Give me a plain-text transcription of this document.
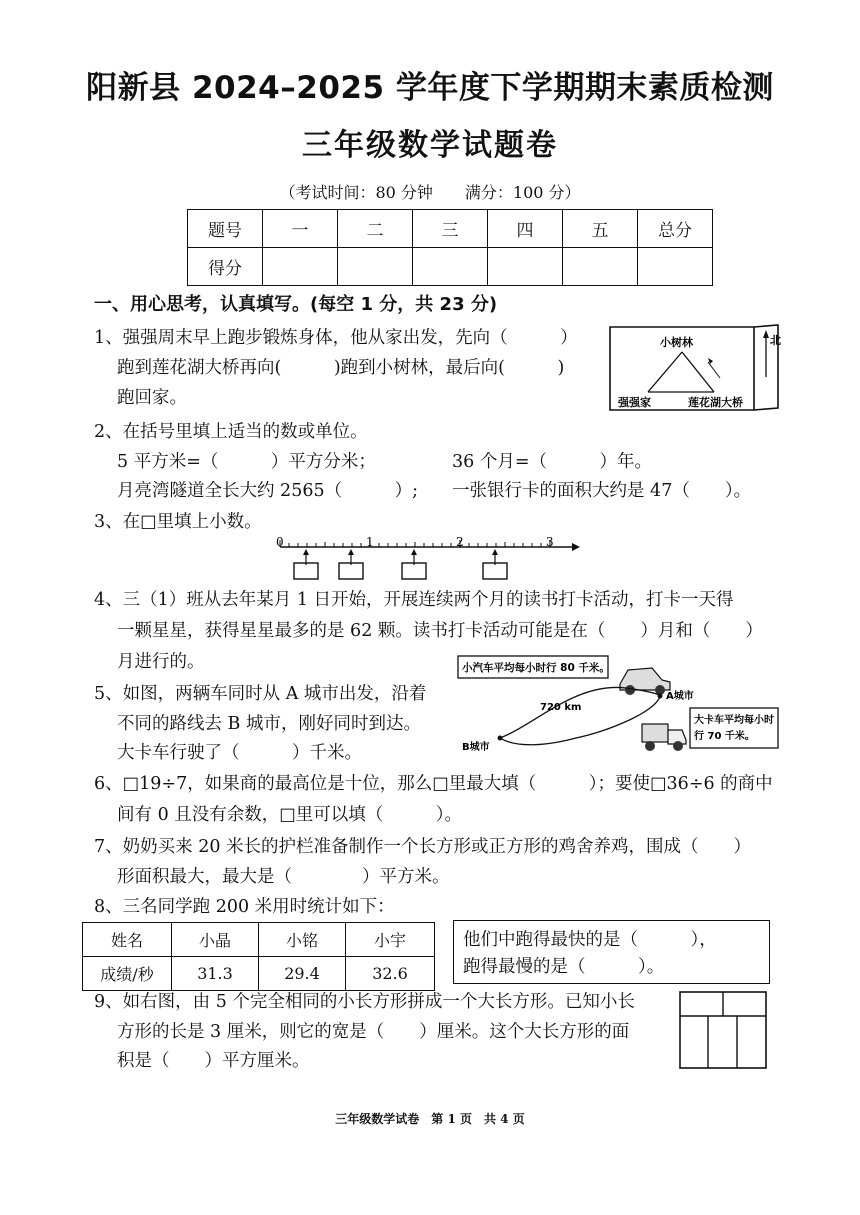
阳新县 2024–2025 学年度下学期期末素质检测
三年级数学试题卷
（考试时间：80 分钟　　满分：100 分）
题号	一	二	三	四	五	总分
得分						
一、用心思考，认真填写。(每空 1 分，共 23 分)
1、强强周末早上跑步锻炼身体，他从家出发，先向（　　　）
跑到莲花湖大桥再向(　　　)跑到小树林，最后向(　　　)
跑回家。
北
小树林
强强家	莲花湖大桥
2、在括号里填上适当的数或单位。
5 平方米=（　　　）平方分米；	36 个月=（　　　）年。
月亮湾隧道全长大约 2565（　　　）; 一张银行卡的面积大约是 47（　　）。
3、在□里填上小数。
0	1	2	3
4、三（1）班从去年某月 1 日开始，开展连续两个月的读书打卡活动，打卡一天得
一颗星星，获得星星最多的是 62 颗。读书打卡活动可能是在（　　）月和（　　）
月进行的。
5、如图，两辆车同时从 A 城市出发，沿着
不同的路线去 B 城市，刚好同时到达。
大卡车行驶了（　　　）千米。
小汽车平均每小时行 80 千米。
720 km
A城市
B城市
大卡车平均每小时
行 70 千米。
6、□19÷7，如果商的最高位是十位，那么□里最大填（　　　）；要使□36÷6 的商中
间有 0 且没有余数，□里可以填（　　　）。
7、奶奶买来 20 米长的护栏准备制作一个长方形或正方形的鸡舍养鸡，围成（　　）
形面积最大，最大是（　　　　）平方米。
8、三名同学跑 200 米用时统计如下：
姓名	小晶	小铭	小宇
成绩/秒	31.3	29.4	32.6
他们中跑得最快的是（　　　），
跑得最慢的是（　　　）。
9、如右图，由 5 个完全相同的小长方形拼成一个大长方形。已知小长
方形的长是 3 厘米，则它的宽是（　　）厘米。这个大长方形的面
积是（　　）平方厘米。
三年级数学试卷　第 1 页　共 4 页
